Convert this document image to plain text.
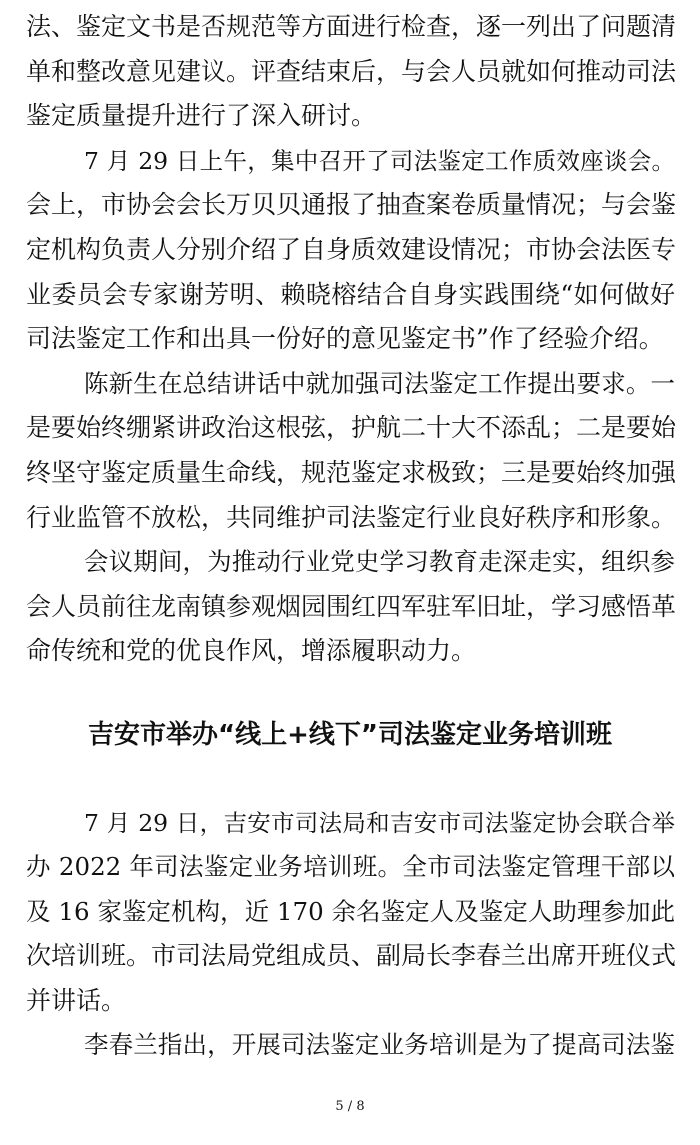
吉安市举办“线上+线下”司法鉴定业务培训班
5 / 8
法、鉴定文书是否规范等方面进行检查，逐一列出了问题清
单和整改意见建议。评查结束后，与会人员就如何推动司法
鉴定质量提升进行了深入研讨。
7 月 29 日上午，集中召开了司法鉴定工作质效座谈会。
会上，市协会会长万贝贝通报了抽查案卷质量情况；与会鉴
定机构负责人分别介绍了自身质效建设情况；市协会法医专
业委员会专家谢芳明、赖晓榕结合自身实践围绕“如何做好
司法鉴定工作和出具一份好的意见鉴定书”作了经验介绍。
陈新生在总结讲话中就加强司法鉴定工作提出要求。一
是要始终绷紧讲政治这根弦，护航二十大不添乱；二是要始
终坚守鉴定质量生命线，规范鉴定求极致；三是要始终加强
行业监管不放松，共同维护司法鉴定行业良好秩序和形象。
会议期间，为推动行业党史学习教育走深走实，组织参
会人员前往龙南镇参观烟园围红四军驻军旧址，学习感悟革
命传统和党的优良作风，增添履职动力。
7 月 29 日，吉安市司法局和吉安市司法鉴定协会联合举
办 2022 年司法鉴定业务培训班。全市司法鉴定管理干部以
及 16 家鉴定机构，近 170 余名鉴定人及鉴定人助理参加此
次培训班。市司法局党组成员、副局长李春兰出席开班仪式
并讲话。
李春兰指出，开展司法鉴定业务培训是为了提高司法鉴
